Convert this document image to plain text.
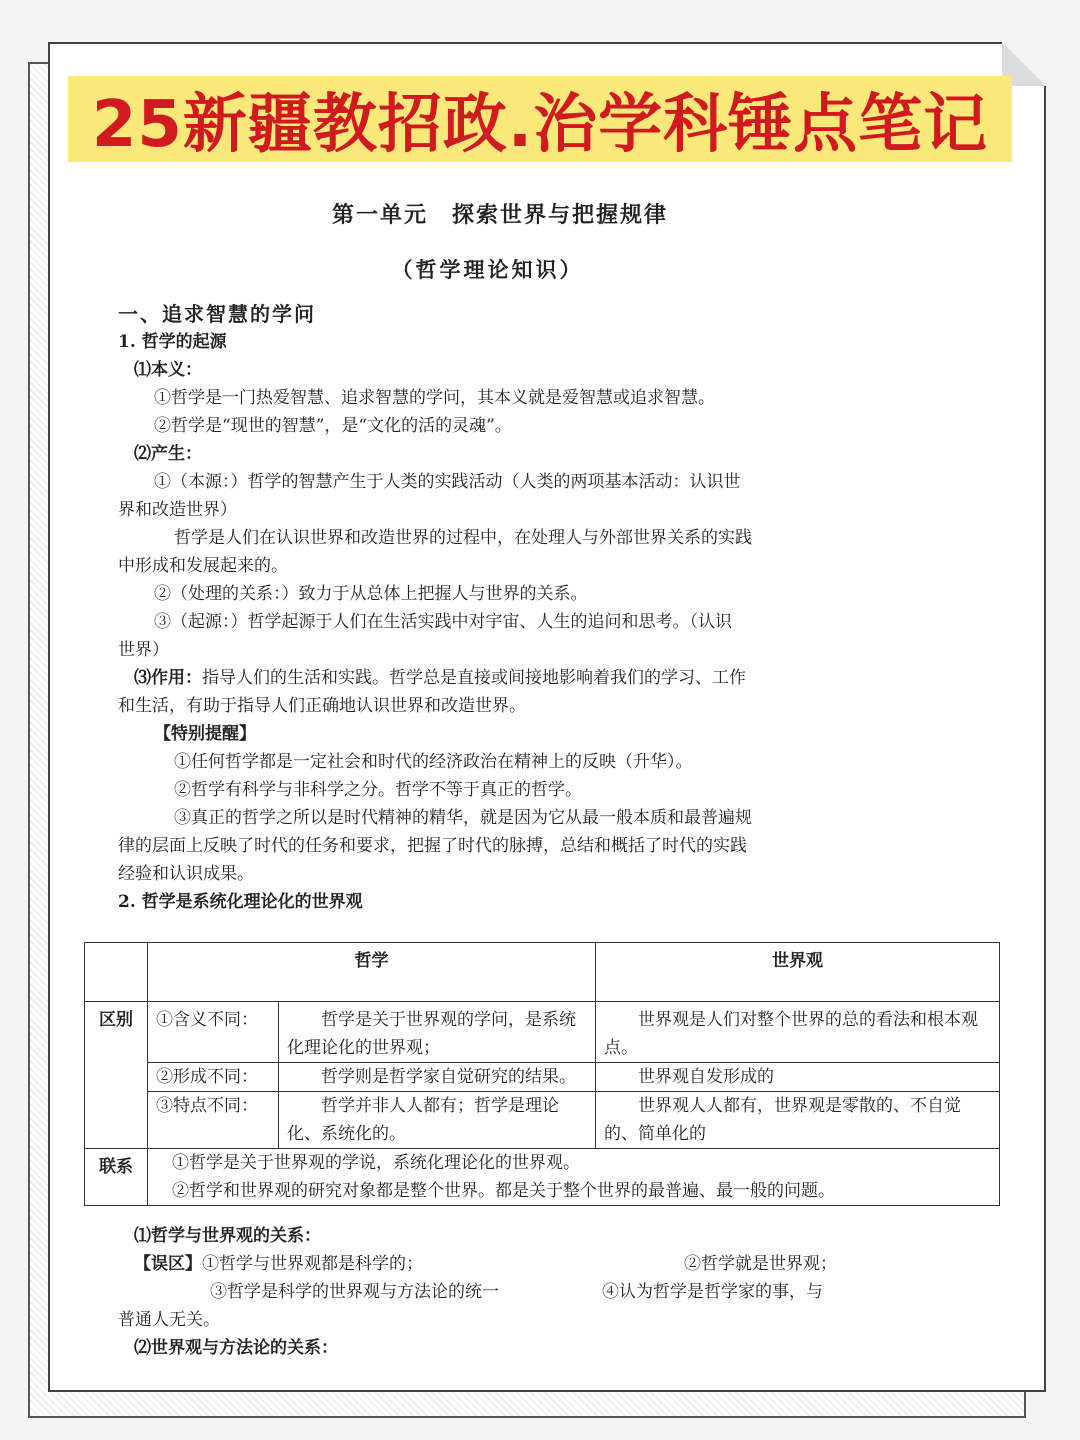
25新疆教招政.治学科锤点笔记
第一单元　探索世界与把握规律
（哲学理论知识）
一、追求智慧的学问
1. 哲学的起源
⑴本义：
①哲学是一门热爱智慧、追求智慧的学问，其本义就是爱智慧或追求智慧。
②哲学是“现世的智慧”，是“文化的活的灵魂”。
⑵产生：
①（本源：）哲学的智慧产生于人类的实践活动（人类的两项基本活动：认识世
界和改造世界）
哲学是人们在认识世界和改造世界的过程中，在处理人与外部世界关系的实践
中形成和发展起来的。
②（处理的关系：）致力于从总体上把握人与世界的关系。
③（起源：）哲学起源于人们在生活实践中对宇宙、人生的追问和思考。（认识
世界）
⑶作用：指导人们的生活和实践。哲学总是直接或间接地影响着我们的学习、工作
和生活，有助于指导人们正确地认识世界和改造世界。
【特别提醒】
①任何哲学都是一定社会和时代的经济政治在精神上的反映（升华）。
②哲学有科学与非科学之分。哲学不等于真正的哲学。
③真正的哲学之所以是时代精神的精华，就是因为它从最一般本质和最普遍规
律的层面上反映了时代的任务和要求，把握了时代的脉搏，总结和概括了时代的实践
经验和认识成果。
2. 哲学是系统化理论化的世界观
	哲学		世界观
区别	①含义不同：	哲学是关于世界观的学问，是系统化理论化的世界观；	世界观是人们对整个世界的总的看法和根本观点。
	②形成不同：	哲学则是哲学家自觉研究的结果。	世界观自发形成的
	③特点不同：	哲学并非人人都有；哲学是理论化、系统化的。	世界观人人都有，世界观是零散的、不自觉的、简单化的
联系	①哲学是关于世界观的学说，系统化理论化的世界观。
②哲学和世界观的研究对象都是整个世界。都是关于整个世界的最普遍、最一般的问题。		
⑴哲学与世界观的关系：
【误区】①哲学与世界观都是科学的；	②哲学就是世界观；
③哲学是科学的世界观与方法论的统一	④认为哲学是哲学家的事，与
普通人无关。
⑵世界观与方法论的关系：
